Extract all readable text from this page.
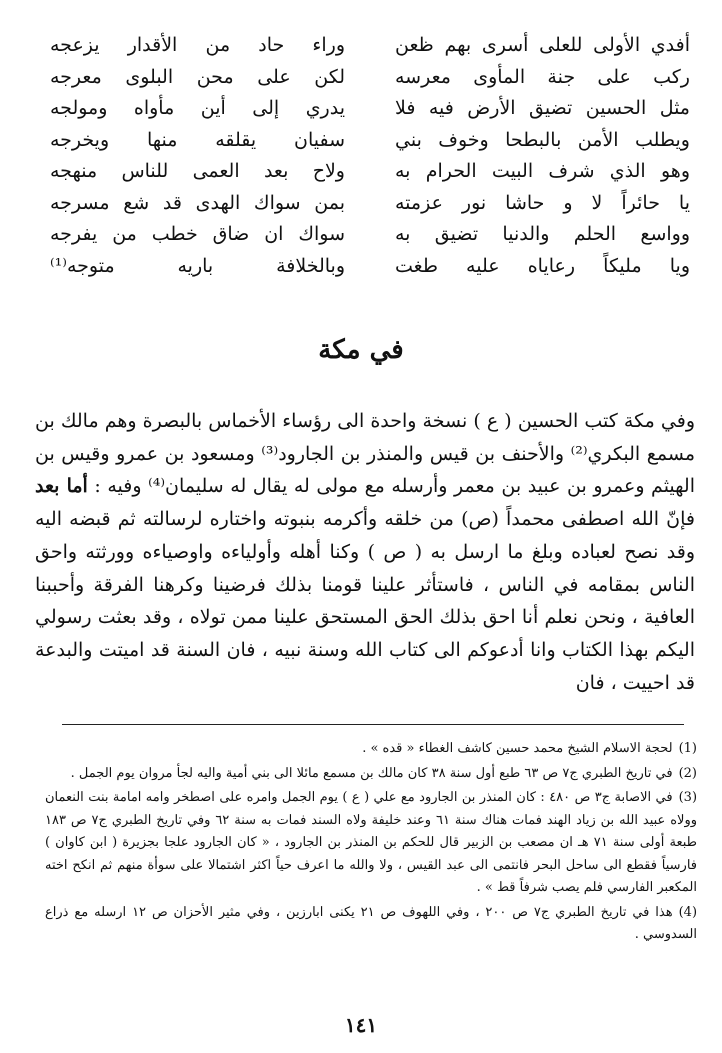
أفدي الأولى للعلى أسرى بهم ظعن
وراء حاد من الأقدار يزعجه
ركب على جنة المأوى معرسه
لكن على محن البلوى معرجه
مثل الحسين تضيق الأرض فيه فلا
يدري إلى أين مأواه ومولجه
ويطلب الأمن بالبطحا وخوف بني
سفيان يقلقه منها ويخرجه
وهو الذي شرف البيت الحرام به
ولاح بعد العمى للناس منهجه
يا حائراً لا و حاشا نور عزمته
بمن سواك الهدى قد شع مسرجه
وواسع الحلم والدنيا تضيق به
سواك ان ضاق خطب من يفرجه
ويا مليكاً رعاياه عليه طغت
وبالخلافة باريه متوجه⁽¹⁾
في مكة
وفي مكة كتب الحسين ( ع ) نسخة واحدة الى رؤساء الأخماس بالبصرة وهم مالك بن مسمع البكري⁽²⁾ والأحنف بن قيس والمنذر بن الجارود⁽³⁾ ومسعود بن عمرو وقيس بن الهيثم وعمرو بن عبيد بن معمر وأرسله مع مولى له يقال له سليمان⁽⁴⁾ وفيه : أما بعد فإنّ الله اصطفى محمداً (ص) من خلقه وأكرمه بنبوته واختاره لرسالته ثم قبضه اليه وقد نصح لعباده وبلغ ما ارسل به ( ص ) وكنا أهله وأولياءه واوصياءه وورثته واحق الناس بمقامه في الناس ، فاستأثر علينا قومنا بذلك فرضينا وكرهنا الفرقة وأحببنا العافية ، ونحن نعلم أنا احق بذلك الحق المستحق علينا ممن تولاه ، وقد بعثت رسولي اليكم بهذا الكتاب وانا أدعوكم الى كتاب الله وسنة نبيه ، فان السنة قد اميتت والبدعة قد احييت ، فان
(1)لحجة الاسلام الشيخ محمد حسين كاشف الغطاء « قده » .
(2)في تاريخ الطبري ج٧ ص ٦٣ طبع أول سنة ٣٨ كان مالك بن مسمع مائلا الى بني أمية واليه لجأ مروان يوم الجمل .
(3)في الاصابة ج٣ ص ٤٨٠ : كان المنذر بن الجارود مع علي ( ع ) يوم الجمل وامره على اصطخر وامه امامة بنت النعمان وولاه عبيد الله بن زياد الهند فمات هناك سنة ٦١ وعند خليفة ولاه السند فمات به سنة ٦٢ وفي تاريخ الطبري ج٧ ص ١٨٣ طبعة أولى سنة ٧١ هـ ان مصعب بن الزبير قال للحكم بن المنذر بن الجارود ، « كان الجارود علجا بجزيرة ( ابن كاوان ) فارسياً فقطع الى ساحل البحر فانتمى الى عبد القيس ، ولا والله ما اعرف حياً اكثر اشتمالا على سوأة منهم ثم انكح اخته المكعبر الفارسي فلم يصب شرفاً قط » .
(4)هذا في تاريخ الطبري ج٧ ص ٢٠٠ ، وفي اللهوف ص ٢١ يكنى ابارزين ، وفي مثير الأحزان ص ١٢ ارسله مع ذراع السدوسي .
١٤١
